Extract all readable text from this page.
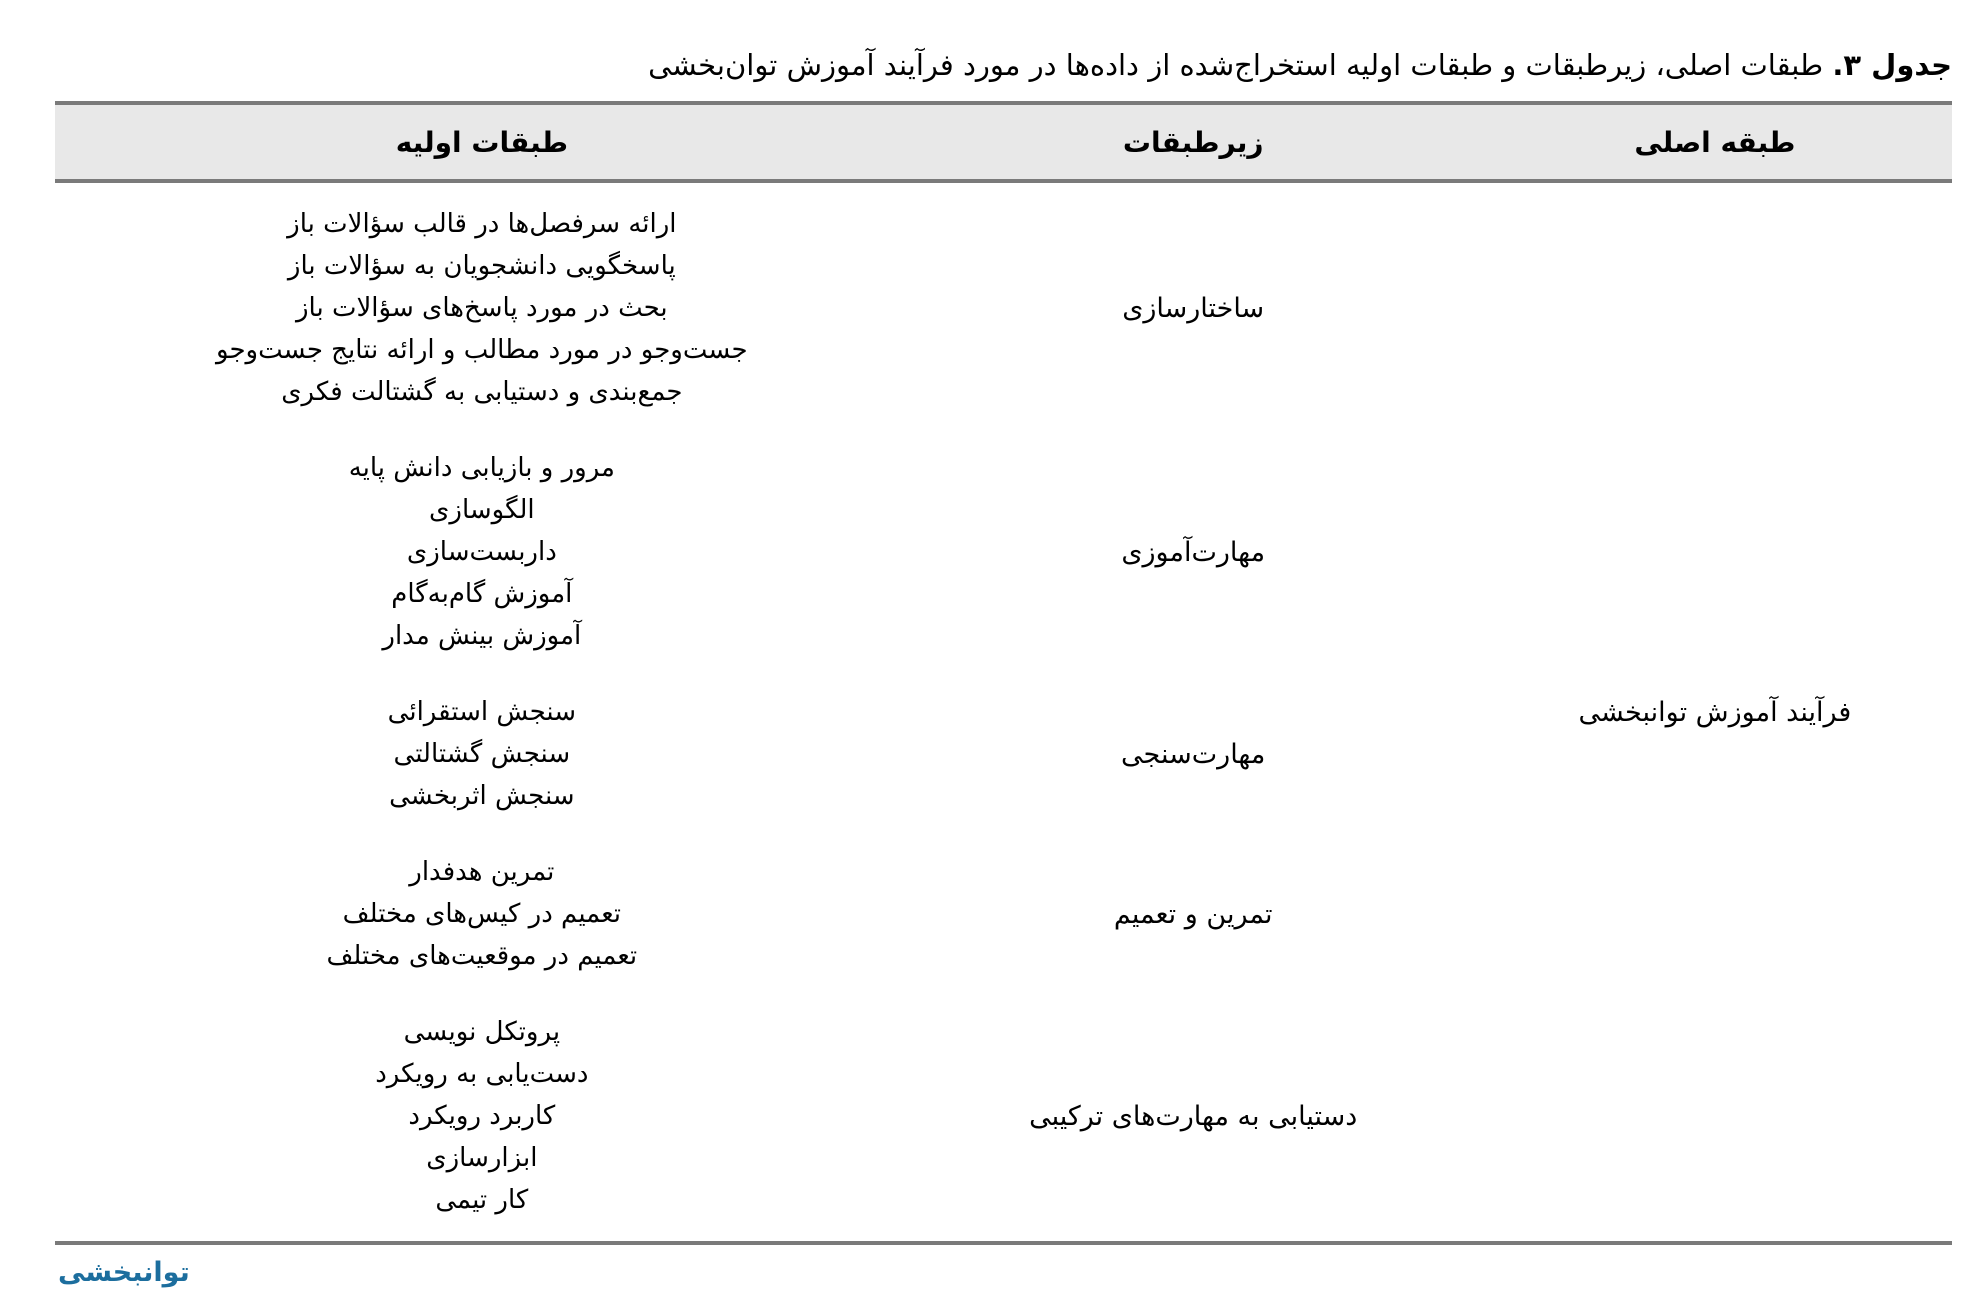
جدول ۳. طبقات اصلی، زیرطبقات و طبقات اولیه استخراج‌شده از داده‌ها در مورد فرآیند آموزش توان‌بخشی
طبقه اصلی
زیرطبقات
طبقات اولیه
فرآیند آموزش توانبخشی
ساختارسازی
ارائه سرفصل‌ها در قالب سؤالات باز
پاسخگویی دانشجویان به سؤالات باز
بحث در مورد پاسخ‌های سؤالات باز
جست‌وجو در مورد مطالب و ارائه نتایج جست‌وجو
جمع‌بندی و دستیابی به گشتالت فکری
مهارت‌آموزی
مرور و بازیابی دانش پایه
الگوسازی
داربست‌سازی
آموزش گام‌به‌گام
آموزش بینش مدار
مهارت‌سنجی
سنجش استقرائی
سنجش گشتالتی
سنجش اثربخشی
تمرین و تعمیم
تمرین هدفدار
تعمیم در کیس‌های مختلف
تعمیم در موقعیت‌های مختلف
دستیابی به مهارت‌های ترکیبی
پروتکل نویسی
دست‌یابی به رویکرد
کاربرد رویکرد
ابزارسازی
کار تیمی
توانبخشی
